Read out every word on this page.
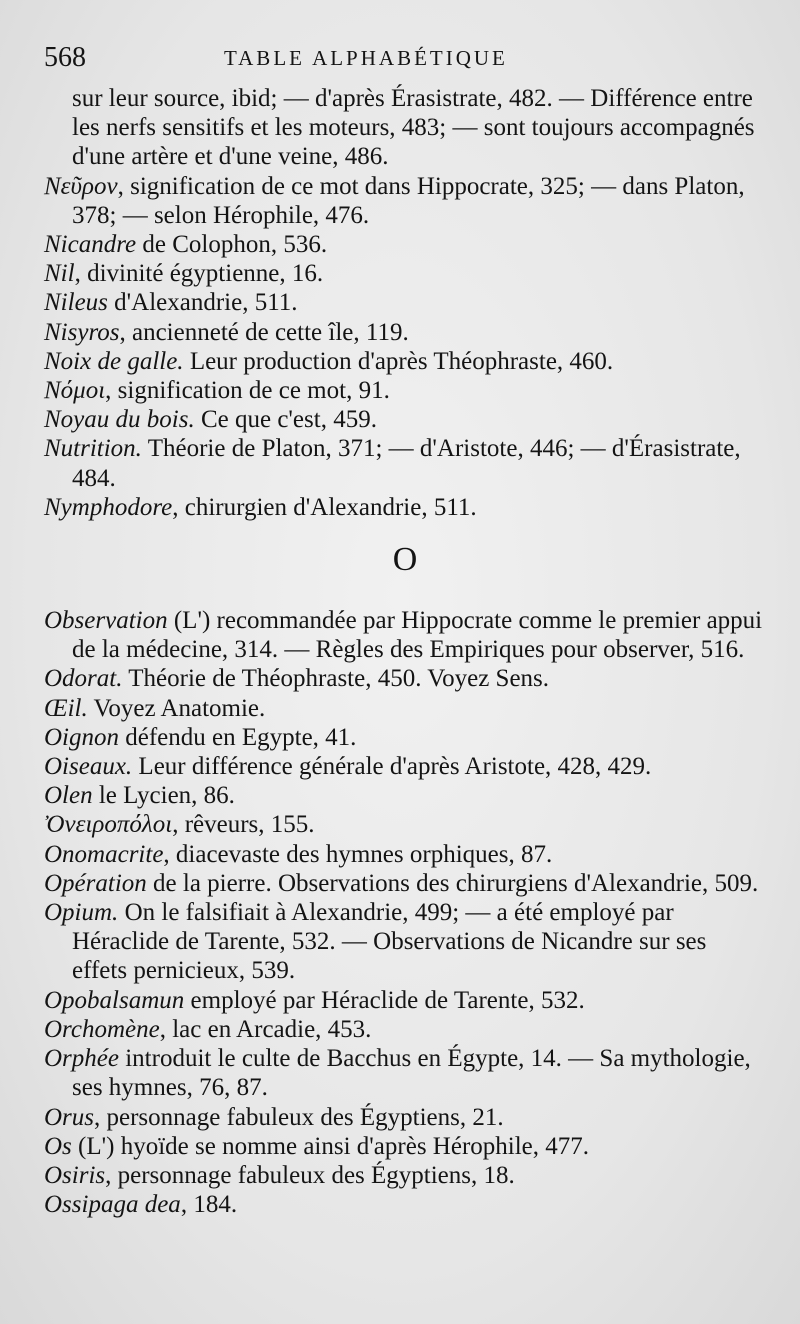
568	TABLE ALPHABÉTIQUE

sur leur source, ibid; — d'après Érasistrate, 482. — Différence entre les nerfs sensitifs et les moteurs, 483; — sont toujours accompagnés d'une artère et d'une veine, 486.

Νεῦρον, signification de ce mot dans Hippocrate, 325; — dans Platon, 378; — selon Hérophile, 476.

Nicandre de Colophon, 536.

Nil, divinité égyptienne, 16.

Nileus d'Alexandrie, 511.

Nisyros, ancienneté de cette île, 119.

Noix de galle. Leur production d'après Théophraste, 460.

Νόμοι, signification de ce mot, 91.

Noyau du bois. Ce que c'est, 459.

Nutrition. Théorie de Platon, 371; — d'Aristote, 446; — d'Érasistrate, 484.

Nymphodore, chirurgien d'Alexandrie, 511.

O

Observation (L') recommandée par Hippocrate comme le premier appui de la médecine, 314. — Règles des Empiriques pour observer, 516.

Odorat. Théorie de Théophraste, 450. Voyez Sens.

Œil. Voyez Anatomie.

Oignon défendu en Egypte, 41.

Oiseaux. Leur différence générale d'après Aristote, 428, 429.

Olen le Lycien, 86.

Ὀνειροπόλοι, rêveurs, 155.

Onomacrite, diacevaste des hymnes orphiques, 87.

Opération de la pierre. Observations des chirurgiens d'Alexandrie, 509.

Opium. On le falsifiait à Alexandrie, 499; — a été employé par Héraclide de Tarente, 532. — Observations de Nicandre sur ses effets pernicieux, 539.

Opobalsamun employé par Héraclide de Tarente, 532.

Orchomène, lac en Arcadie, 453.

Orphée introduit le culte de Bacchus en Égypte, 14. — Sa mythologie, ses hymnes, 76, 87.

Orus, personnage fabuleux des Égyptiens, 21.

Os (L') hyoïde se nomme ainsi d'après Hérophile, 477.

Osiris, personnage fabuleux des Égyptiens, 18.

Ossipaga dea, 184.
